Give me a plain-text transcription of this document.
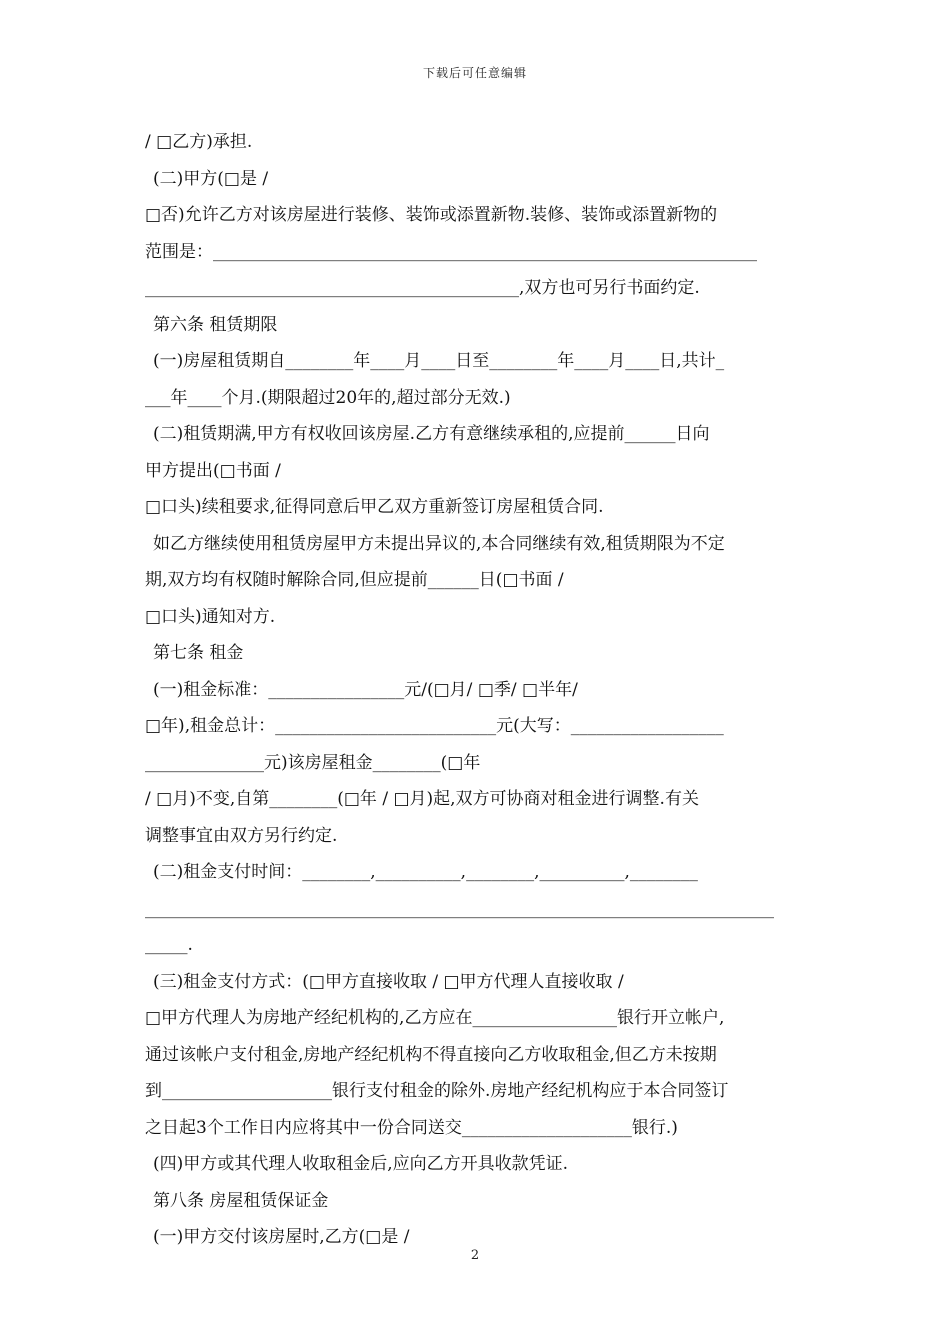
下载后可任意编辑
/ □乙方)承担.
(二)甲方(□是 /
□否)允许乙方对该房屋进行装修、装饰或添置新物.装修、装饰或添置新物的
范围是：________________________________________________________________
____________________________________________,双方也可另行书面约定.
第六条 租赁期限
(一)房屋租赁期自________年____月____日至________年____月____日,共计_
___年____个月.(期限超过20年的,超过部分无效.)
(二)租赁期满,甲方有权收回该房屋.乙方有意继续承租的,应提前______日向
甲方提出(□书面 /
□口头)续租要求,征得同意后甲乙双方重新签订房屋租赁合同.
如乙方继续使用租赁房屋甲方未提出异议的,本合同继续有效,租赁期限为不定
期,双方均有权随时解除合同,但应提前______日(□书面 /
□口头)通知对方.
第七条 租金
(一)租金标准：________________元/(□月/ □季/ □半年/
□年),租金总计：__________________________元(大写：__________________
______________元)该房屋租金________(□年
/ □月)不变,自第________(□年 / □月)起,双方可协商对租金进行调整.有关
调整事宜由双方另行约定.
(二)租金支付时间：________,__________,________,__________,________
__________________________________________________________________________
_____.
(三)租金支付方式：(□甲方直接收取 / □甲方代理人直接收取 /
□甲方代理人为房地产经纪机构的,乙方应在_________________银行开立帐户,
通过该帐户支付租金,房地产经纪机构不得直接向乙方收取租金,但乙方未按期
到____________________银行支付租金的除外.房地产经纪机构应于本合同签订
之日起3个工作日内应将其中一份合同送交____________________银行.)
(四)甲方或其代理人收取租金后,应向乙方开具收款凭证.
第八条 房屋租赁保证金
(一)甲方交付该房屋时,乙方(□是 /
2
